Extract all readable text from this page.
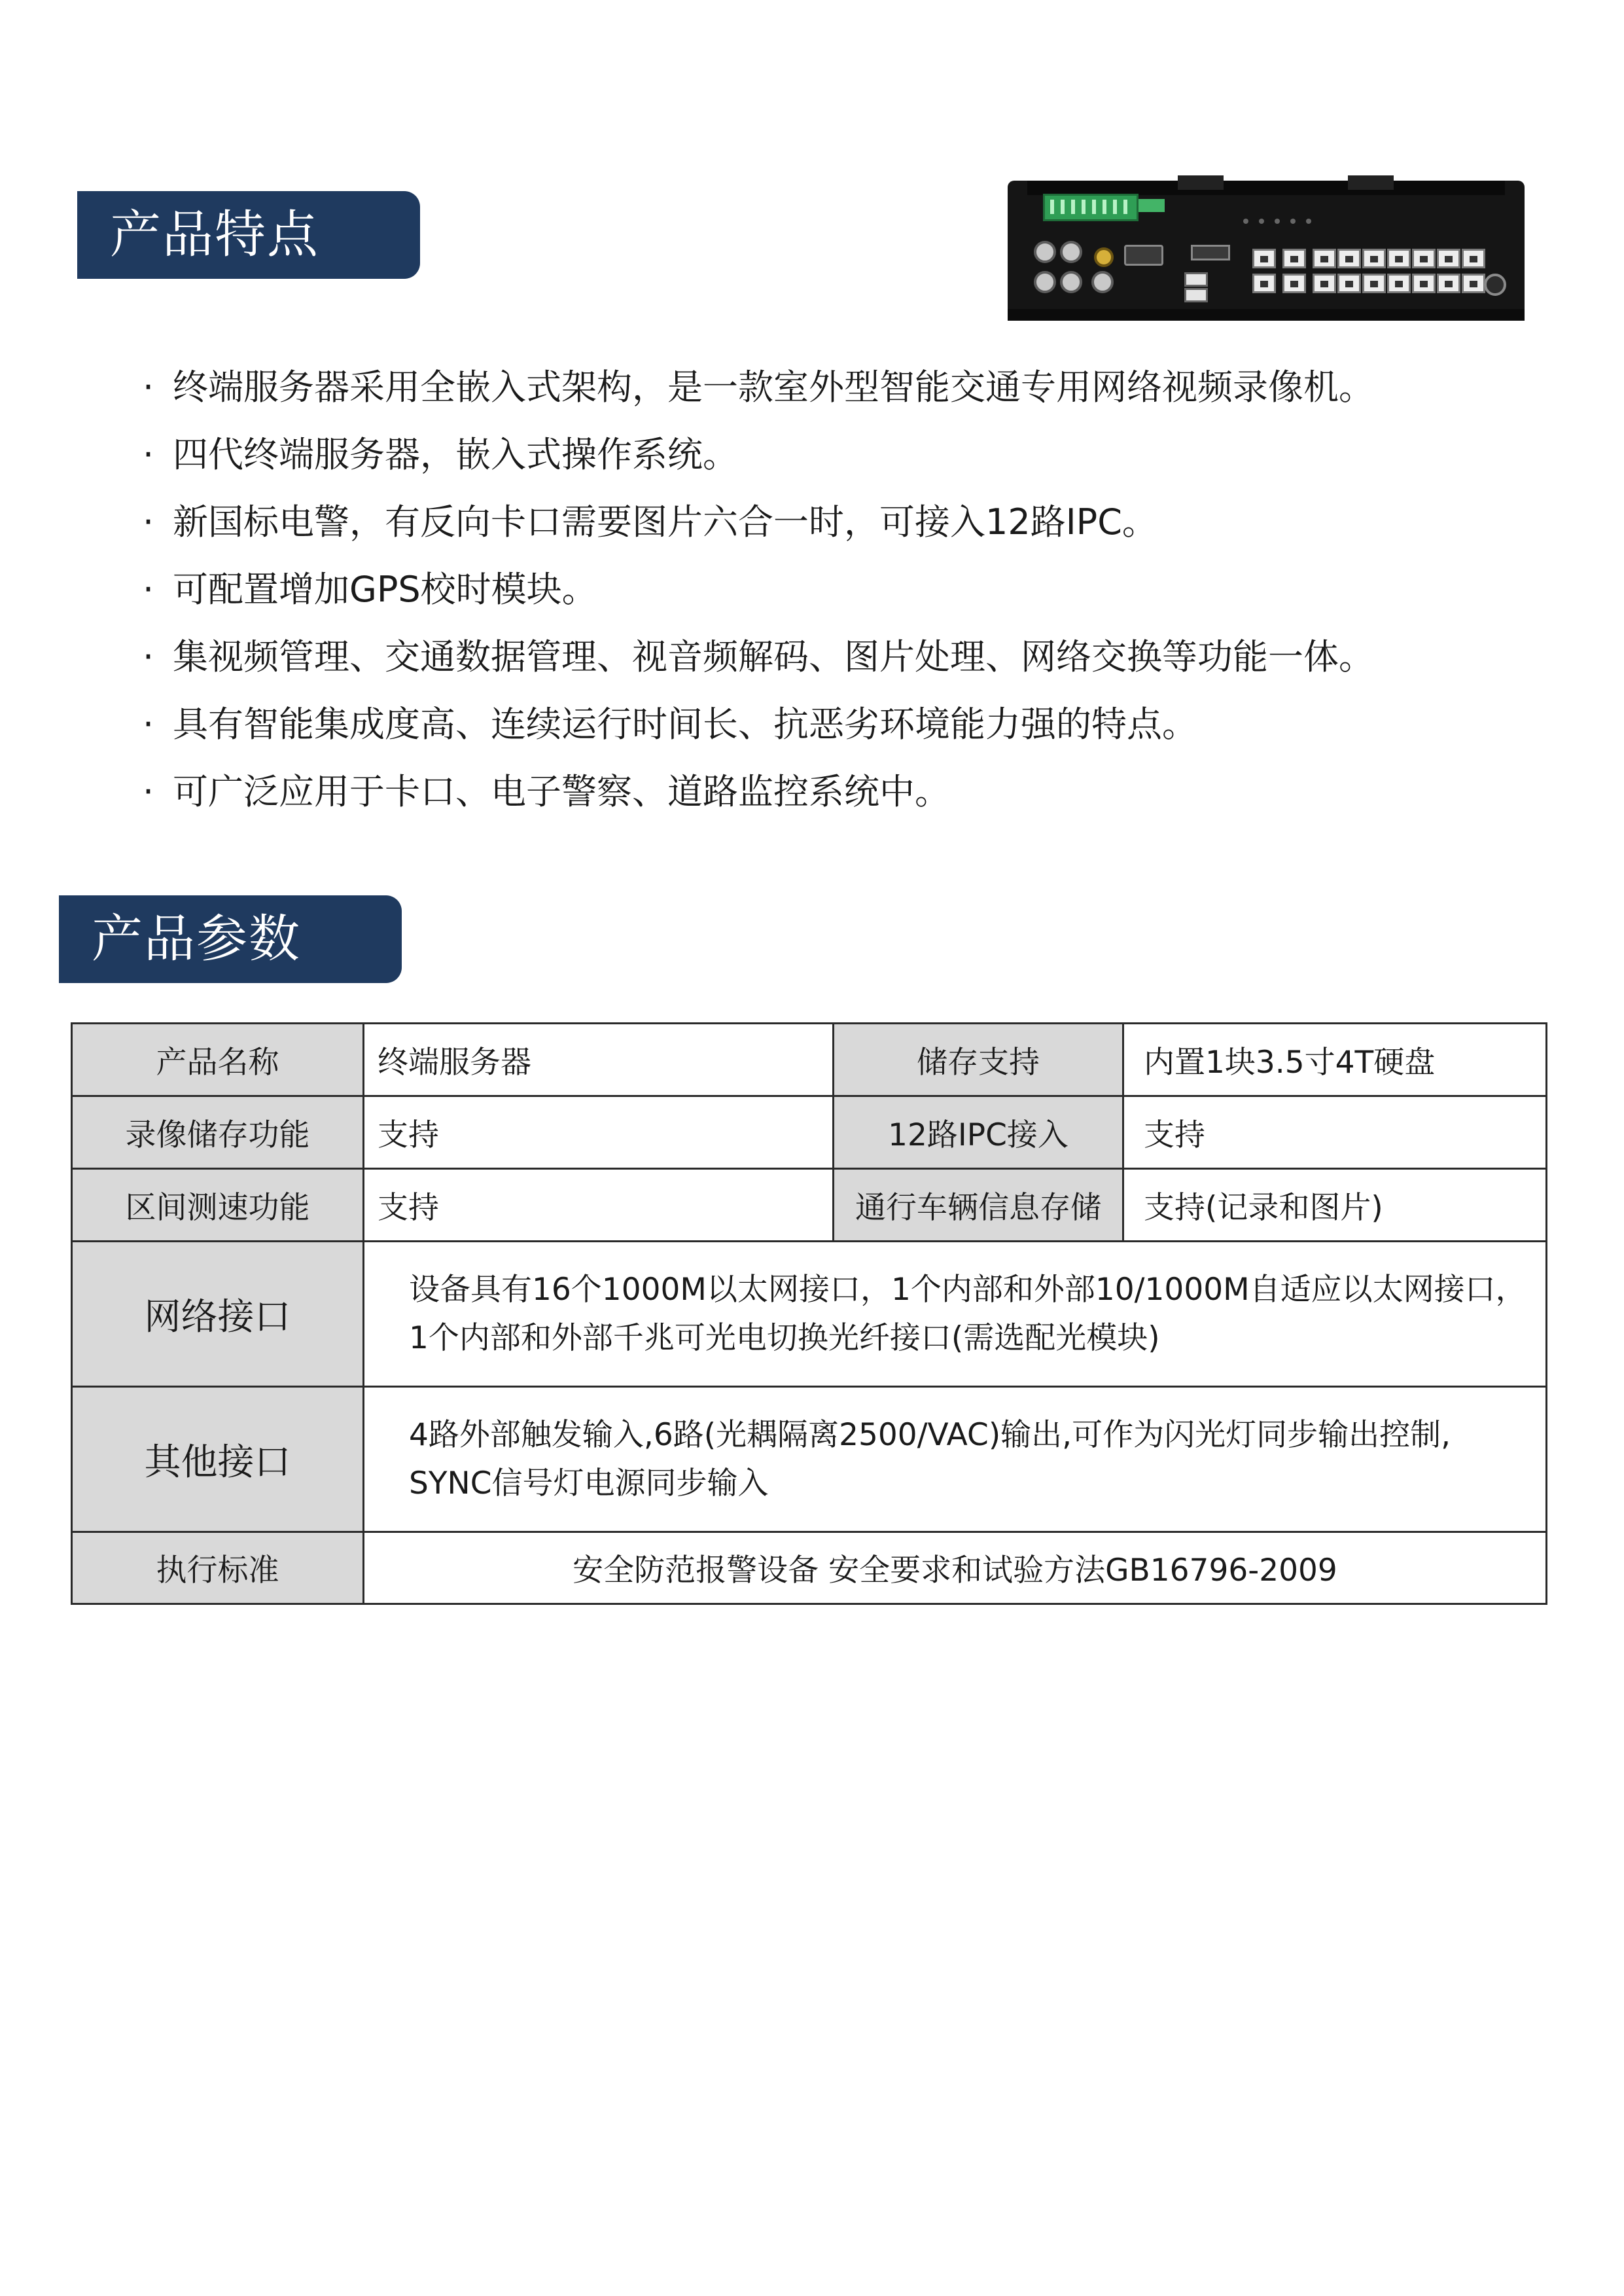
产品特点
· 终端服务器采用全嵌入式架构，是一款室外型智能交通专用网络视频录像机。
· 四代终端服务器，嵌入式操作系统。
· 新国标电警，有反向卡口需要图片六合一时，可接入12路IPC。
· 可配置增加GPS校时模块。
· 集视频管理、交通数据管理、视音频解码、图片处理、网络交换等功能一体。
· 具有智能集成度高、连续运行时间长、抗恶劣环境能力强的特点。
· 可广泛应用于卡口、电子警察、道路监控系统中。
产品参数
产品名称	终端服务器	储存支持	内置1块3.5寸4T硬盘
录像储存功能	支持	12路IPC接入	支持
区间测速功能	支持	通行车辆信息存储	支持(记录和图片)
网络接口	设备具有16个1000M以太网接口，1个内部和外部10/1000M自适应以太网接口，
1个内部和外部千兆可光电切换光纤接口(需选配光模块)		

其他接口	4路外部触发输入,6路(光耦隔离2500/VAC)输出,可作为闪光灯同步输出控制,
SYNC信号灯电源同步输入		

执行标准	安全防范报警设备 安全要求和试验方法GB16796-2009		
